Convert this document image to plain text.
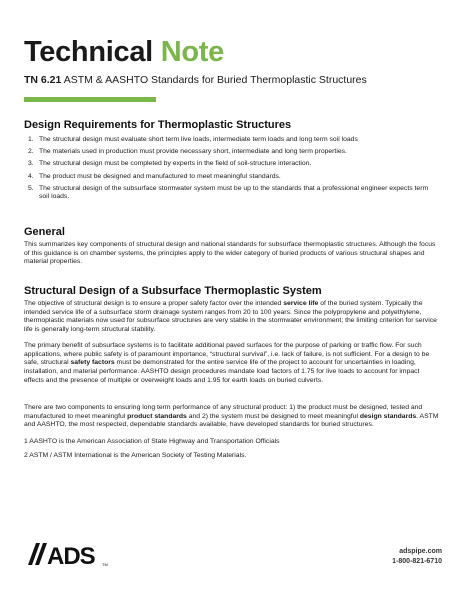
Technical Note
TN 6.21 ASTM & AASHTO Standards for Buried Thermoplastic Structures
Design Requirements for Thermoplastic Structures
1. The structural design must evaluate short term live loads, intermediate term loads and long term soil loads
2. The materials used in production must provide necessary short, intermediate and long term properties.
3. The structural design must be completed by experts in the field of soil-structure interaction.
4. The product must be designed and manufactured to meet meaningful standards.
5. The structural design of the subsurface stormwater system must be up to the standards that a professional engineer expects term soil loads.
General

This summarizes key components of structural design and national standards for subsurface thermoplastic structures. Although the focus of this guidance is on chamber systems, the principles apply to the wider category of buried products of various structural shapes and material properties.

Structural Design of a Subsurface Thermoplastic System

The objective of structural design is to ensure a proper safety factor over the intended service life of the buried system. Typically the intended service life of a subsurface storm drainage system ranges from 20 to 100 years. Since the polypropylene and polyethylene, thermoplastic materials now used for subsurface structures are very stable in the stormwater environment; the limiting criterion for service life is generally long-term structural stability.

The primary benefit of subsurface systems is to facilitate additional paved surfaces for the purpose of parking or traffic flow. For such applications, where public safety is of paramount importance, “structural survival”, i.e. lack of failure, is not sufficient. For a design to be safe, structural safety factors must be demonstrated for the entire service life of the project to account for uncertainties in loading, installation, and material performance. AASHTO design procedures mandate load factors of 1.75 for live loads to account for impact effects and the presence of multiple or overweight loads and 1.95 for earth loads on buried culverts.

There are two components to ensuring long term performance of any structural product: 1) the product must be designed, tested and manufactured to meet meaningful product standards and 2) the system must be designed to meet meaningful design standards. ASTM and AASHTO, the most respected, dependable standards available, have developed standards for buried structures.

1 AASHTO is the American Association of State Highway and Transportation Officials

2 ASTM / ASTM International is the American Society of Testing Materials.

ADS TM
adspipe.com
1-800-821-6710
